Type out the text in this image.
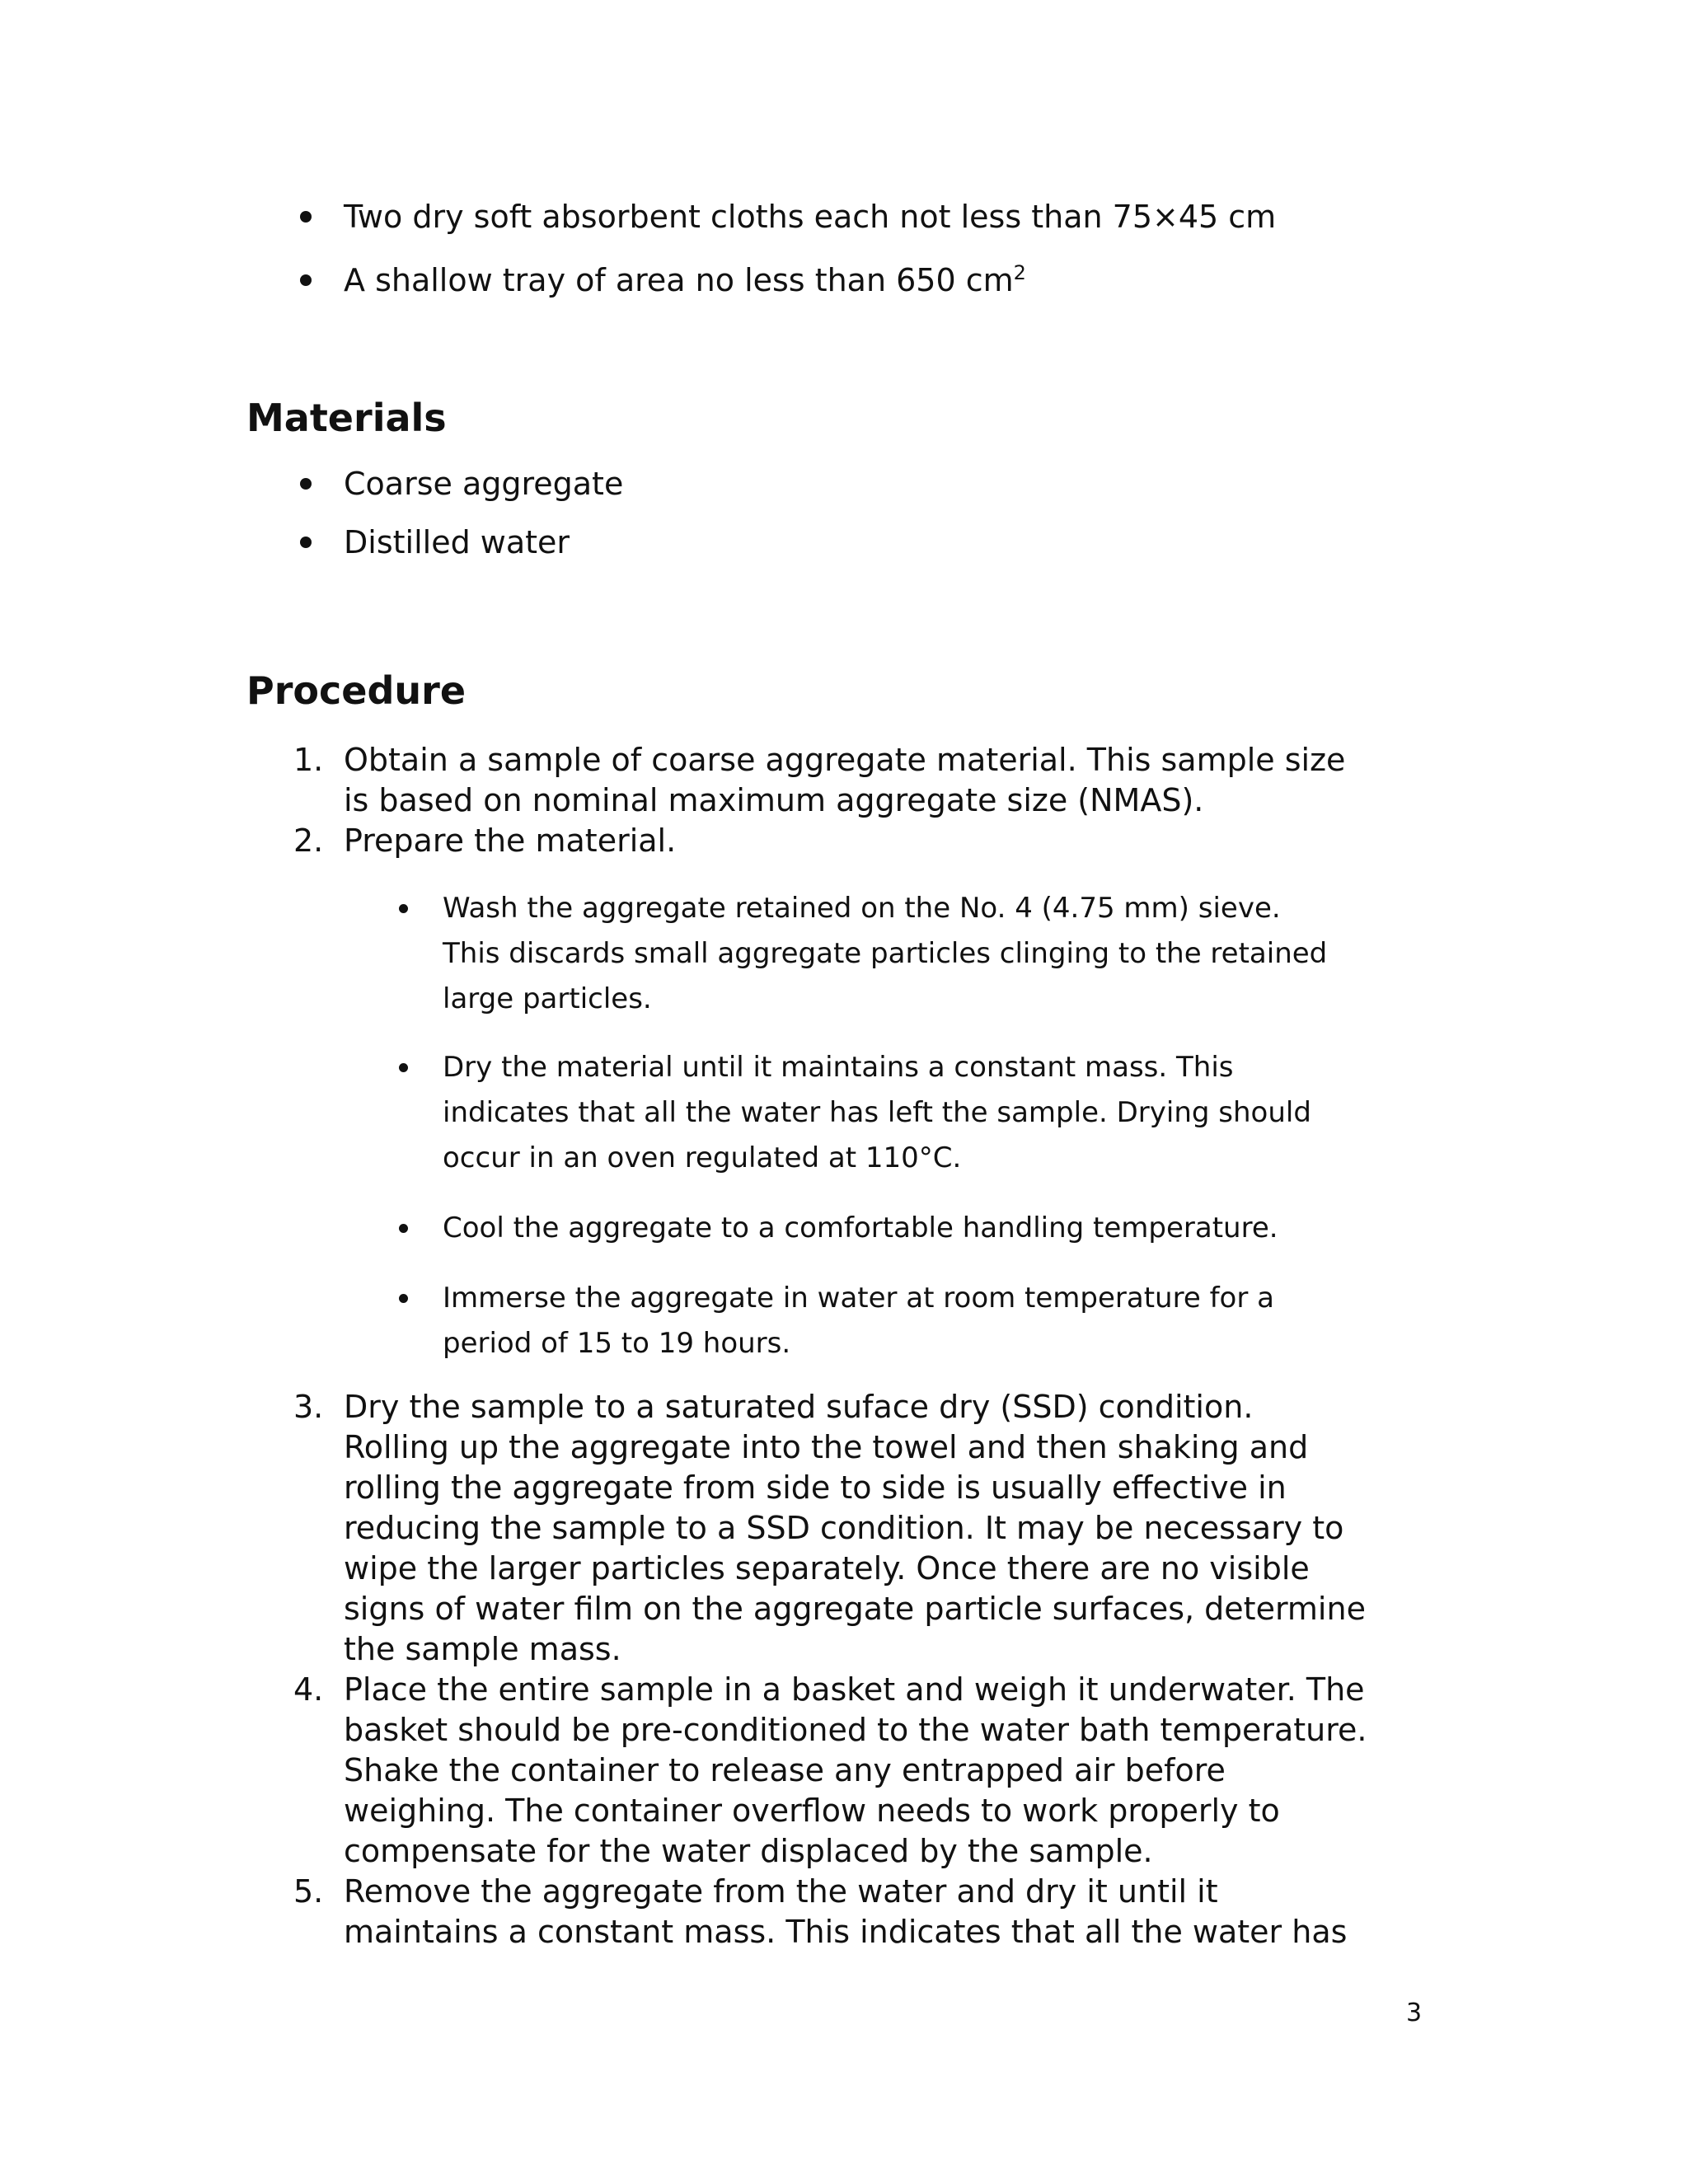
Two dry soft absorbent cloths each not less than 75×45 cm
A shallow tray of area no less than 650 $cm^2$
Materials
Coarse aggregate
Distilled water
Procedure
1. Obtain a sample of coarse aggregate material. This sample size
is based on nominal maximum aggregate size (NMAS).
2. Prepare the material.
Wash the aggregate retained on the No. 4 (4.75 mm) sieve.
This discards small aggregate particles clinging to the retained
large particles.
Dry the material until it maintains a constant mass. This
indicates that all the water has left the sample. Drying should
occur in an oven regulated at 110°C.
Cool the aggregate to a comfortable handling temperature.
Immerse the aggregate in water at room temperature for a
period of 15 to 19 hours.
3. Dry the sample to a saturated suface dry (SSD) condition.
Rolling up the aggregate into the towel and then shaking and
rolling the aggregate from side to side is usually effective in
reducing the sample to a SSD condition. It may be necessary to
wipe the larger particles separately. Once there are no visible
signs of water film on the aggregate particle surfaces, determine
the sample mass.
4. Place the entire sample in a basket and weigh it underwater. The
basket should be pre-conditioned to the water bath temperature.
Shake the container to release any entrapped air before
weighing. The container overflow needs to work properly to
compensate for the water displaced by the sample.
5. Remove the aggregate from the water and dry it until it
maintains a constant mass. This indicates that all the water has
3
